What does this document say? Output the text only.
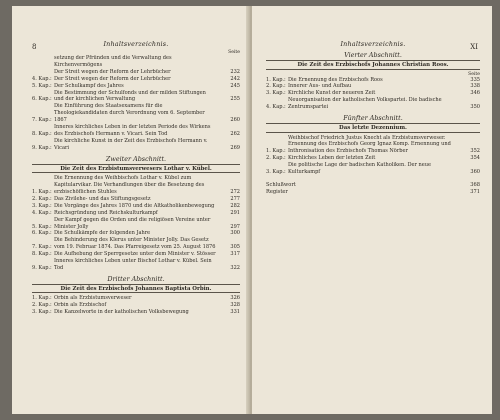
8	Inhaltsverzeichnis.
Seite
setzung der Pfründen und die Verwaltung des Kirchenvermögens
Der Streit wegen der Reform der Lehrbücher	232
4. Kap.: Der Streit wegen der Reform der Lehrbücher	242
5. Kap.: Der Schulkampf des Jahres	245
6. Kap.:
Die Bestimmung der Schulfonds und der milden Stiftungen und der kirchlichen Verwaltung	255
7. Kap.:
Die Einführung des Staatsexamens für die Theologiekandidaten durch Verordnung vom 6. September 1867	260
8. Kap.:
Inneres kirchliches Leben in der letzten Periode des Wirkens des Erzbischofs Hermann v. Vicari. Sein Tod	262
9. Kap.:
Die kirchliche Kunst in der Zeit des Erzbischofs Hermann v. Vicari	269
Zweiter Abschnitt.
Die Zeit des Erzbistumsverwesers Lothar v. Kübel.
1. Kap.:
Die Ernennung des Weihbischofs Lothar v. Kübel zum Kapitularvikar. Die Verhandlungen über die Besetzung des erzbischöflichen Stuhles	272
2. Kap.: Das Zivilehe- und das Stiftungsgesetz	277
3. Kap.: Die Vorgänge des Jahres 1870 und die Altkatholikenbewegung	282
4. Kap.: Reichsgründung und Reichskulturkampf	291
5. Kap.:
Der Kampf gegen die Orden und die religiösen Vereine unter Minister Jolly	297
6. Kap.: Die Schulkämpfe der folgenden Jahre	300
7. Kap.:
Die Behinderung des Klerus unter Minister Jolly. Das Gesetz vom 19. Februar 1874. Das Pfarreigesetz vom 25. August 1876	305
8. Kap.: Die Aufhebung der Sperrgesetze unter dem Minister v. Stösser	317
9. Kap.:
Inneres kirchliches Leben unter Bischof Lothar v. Kübel. Sein Tod	322
Dritter Abschnitt.
Die Zeit des Erzbischofs Johannes Baptista Orbin.
1. Kap.: Orbin als Erzbistumsverweser	326
2. Kap.: Orbin als Erzbischof	328
3. Kap.: Die Kanzelworte in der katholischen Volksbewegung	331
XI
Inhaltsverzeichnis.
Vierter Abschnitt.
Die Zeit des Erzbischofs Johannes Christian Roos.
Seite
1. Kap.: Die Ernennung des Erzbischofs Roos	335
2. Kap.: Innerer Aus- und Aufbau	338
3. Kap.: Kirchliche Kunst der neueren Zeit	346
4. Kap.:
Neuorganisation der katholischen Volkspartei. Die badische Zentrumspartei	350
Fünfter Abschnitt.
Das letzte Dezennium.
1. Kap.:
Weihbischof Friedrich Justus Knecht als Erzbistumsverweser. Ernennung des Erzbischofs Georg Ignaz Komp. Ernennung und Inthronisation des Erzbischofs Thomas Nörber	352
2. Kap.: Kirchliches Leben der letzten Zeit	354
3. Kap.:
Die politische Lage der badischen Katholiken. Der neue Kulturkampf	360
Schlußwort	368
Register	371
